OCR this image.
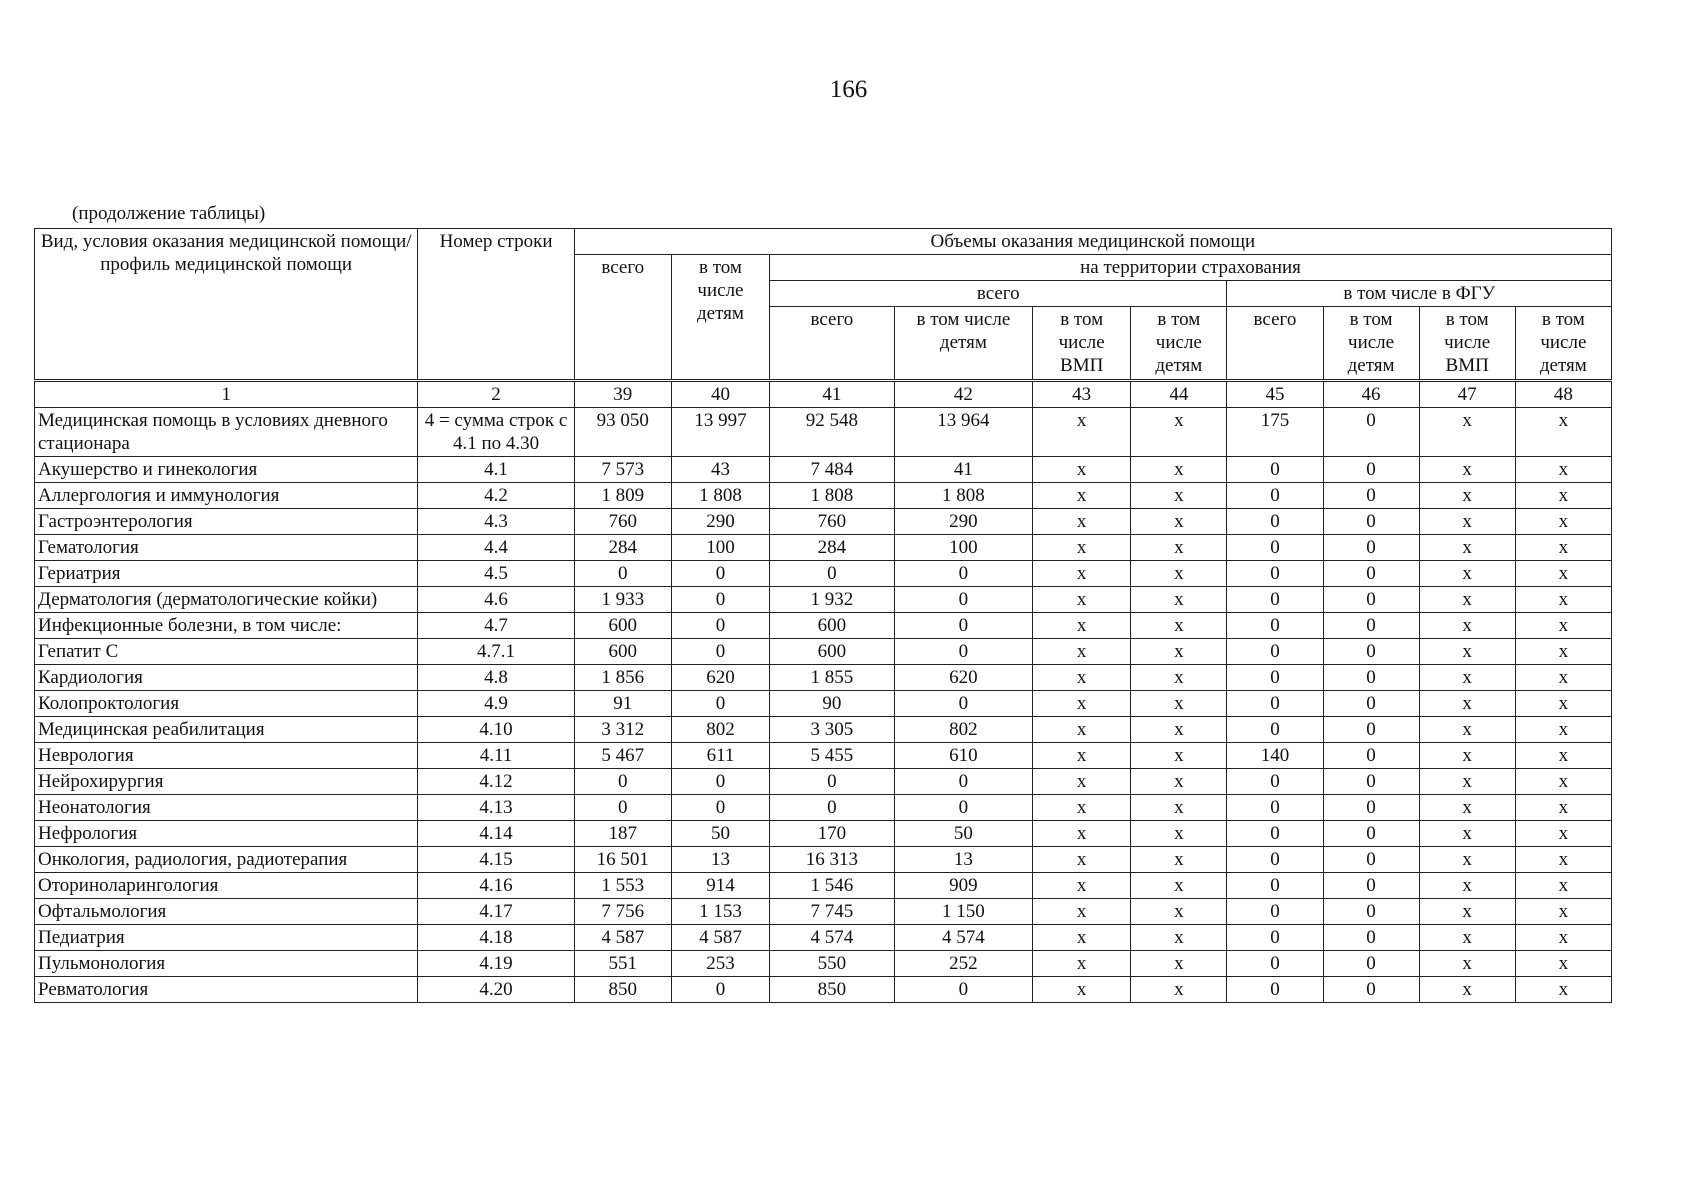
166
(продолжение таблицы)
Вид, условия оказания медицинской помощи/ профиль медицинской помощи	Номер строки	Объемы оказания медицинской помощи									
		всего	в том числе детям	на территории страхования							
				всего				в том числе в ФГУ			
				всего	в том числе детям	в том числе ВМП	в том числе детям	всего	в том числе детям	в том числе ВМП	в том числе детям
1	2	39	40	41	42	43	44	45	46	47	48
Медицинская помощь в условиях дневного стационара	4 = сумма строк с 4.1 по 4.30	93 050	13 997	92 548	13 964	х	х	175	0	х	х
Акушерство и гинекология	4.1	7 573	43	7 484	41	х	х	0	0	х	х
Аллергология и иммунология	4.2	1 809	1 808	1 808	1 808	х	х	0	0	х	х
Гастроэнтерология	4.3	760	290	760	290	х	х	0	0	х	х
Гематология	4.4	284	100	284	100	х	х	0	0	х	х
Гериатрия	4.5	0	0	0	0	х	х	0	0	х	х
Дерматология (дерматологические койки)	4.6	1 933	0	1 932	0	х	х	0	0	х	х
Инфекционные болезни, в том числе:	4.7	600	0	600	0	х	х	0	0	х	х
Гепатит С	4.7.1	600	0	600	0	х	х	0	0	х	х
Кардиология	4.8	1 856	620	1 855	620	х	х	0	0	х	х
Колопроктология	4.9	91	0	90	0	х	х	0	0	х	х
Медицинская реабилитация	4.10	3 312	802	3 305	802	х	х	0	0	х	х
Неврология	4.11	5 467	611	5 455	610	х	х	140	0	х	х
Нейрохирургия	4.12	0	0	0	0	х	х	0	0	х	х
Неонатология	4.13	0	0	0	0	х	х	0	0	х	х
Нефрология	4.14	187	50	170	50	х	х	0	0	х	х
Онкология, радиология, радиотерапия	4.15	16 501	13	16 313	13	х	х	0	0	х	х
Оториноларингология	4.16	1 553	914	1 546	909	х	х	0	0	х	х
Офтальмология	4.17	7 756	1 153	7 745	1 150	х	х	0	0	х	х
Педиатрия	4.18	4 587	4 587	4 574	4 574	х	х	0	0	х	х
Пульмонология	4.19	551	253	550	252	х	х	0	0	х	х
Ревматология	4.20	850	0	850	0	х	х	0	0	х	х
